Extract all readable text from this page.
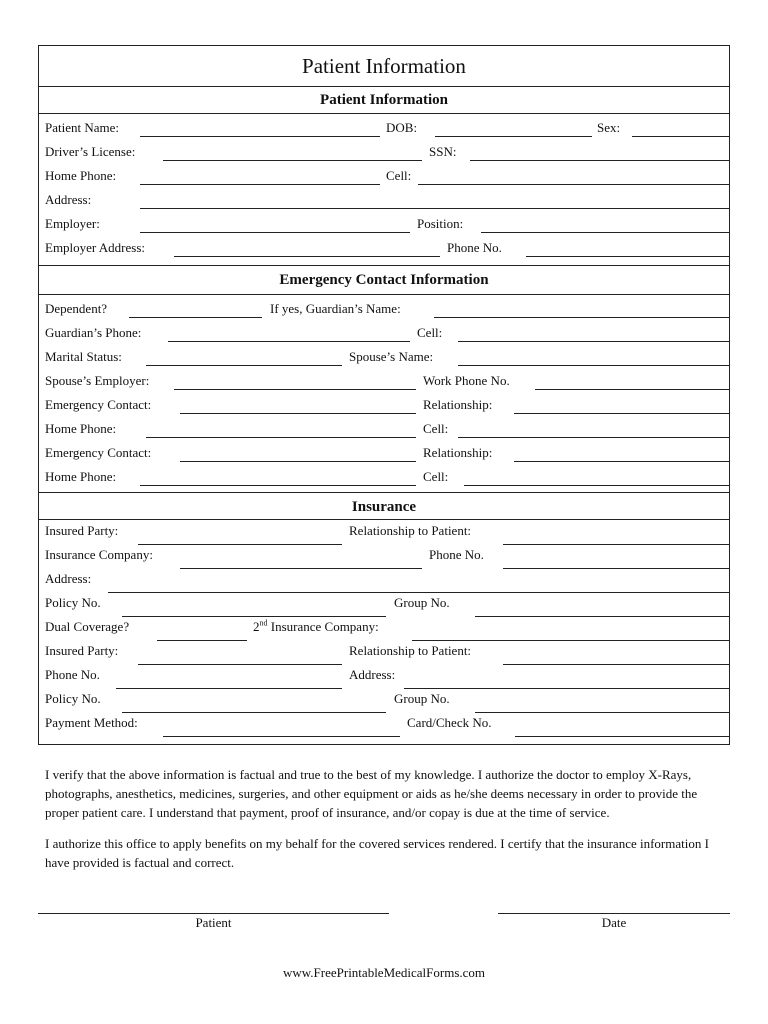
Patient Information
Patient Information
Patient Name:	DOB:	Sex:
Driver’s License:	SSN:
Home Phone:	Cell:
Address:
Employer:	Position:
Employer Address:	Phone No.
Emergency Contact Information
Dependent?	If yes, Guardian’s Name:
Guardian’s Phone:	Cell:
Marital Status:	Spouse’s Name:
Spouse’s Employer:	Work Phone No.
Emergency Contact:	Relationship:
Home Phone:	Cell:
Emergency Contact:	Relationship:
Home Phone:	Cell:
Insurance
Insured Party:	Relationship to Patient:
Insurance Company:	Phone No.
Address:
Policy No.	Group No.
Dual Coverage?	2nd Insurance Company:
Insured Party:	Relationship to Patient:
Phone No.	Address:
Policy No.	Group No.
Payment Method:	Card/Check No.
I verify that the above information is factual and true to the best of my knowledge. I authorize the doctor to employ X-Rays, photographs, anesthetics, medicines, surgeries, and other equipment or aids as he/she deems necessary in order to provide the proper patient care. I understand that payment, proof of insurance, and/or copay is due at the time of service.
I authorize this office to apply benefits on my behalf for the covered services rendered. I certify that the insurance information I have provided is factual and correct.
Patient	Date
www.FreePrintableMedicalForms.com
